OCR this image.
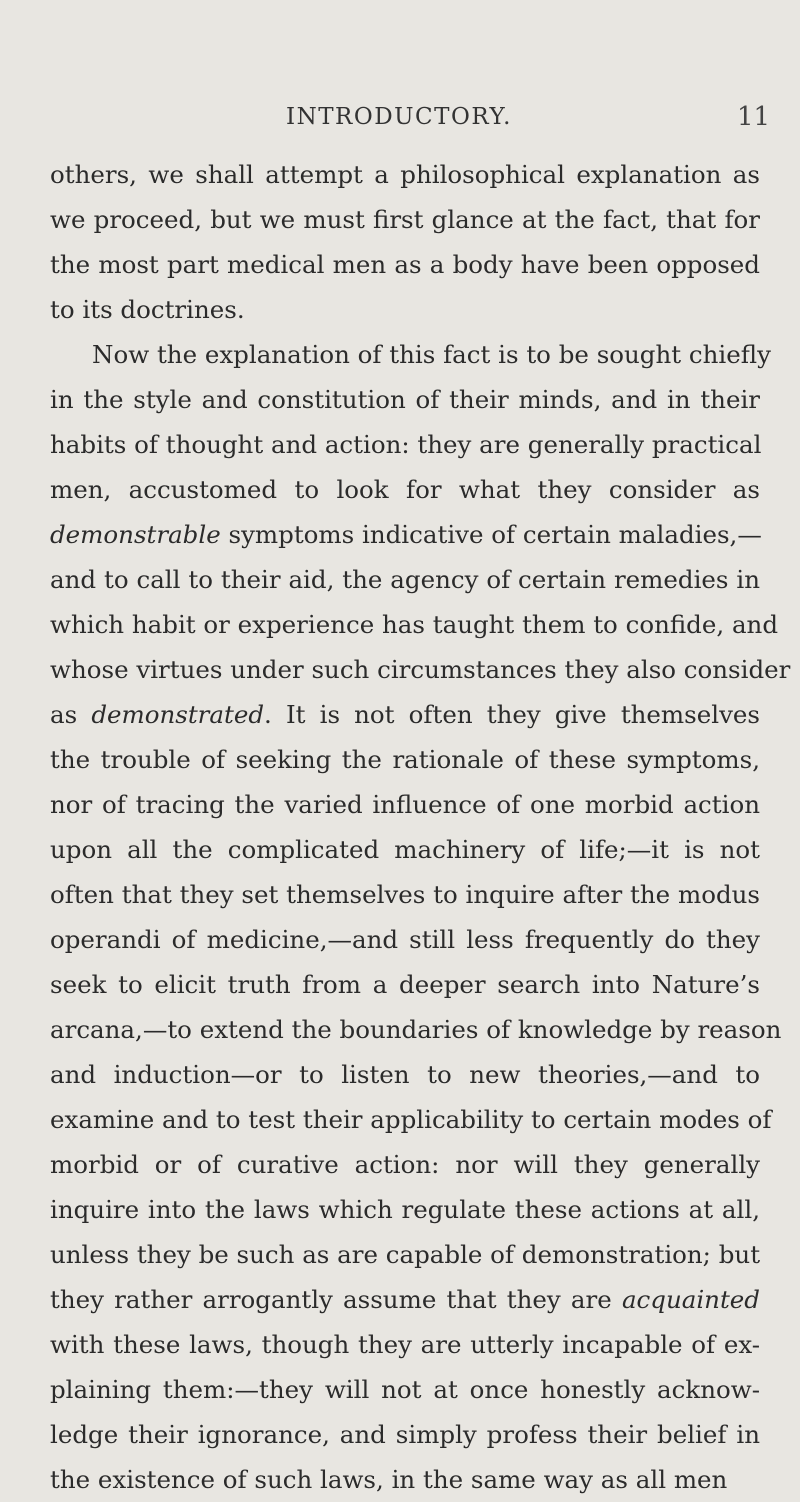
INTRODUCTORY.	11
others, we shall attempt a philosophical explanation as
we proceed, but we must first glance at the fact, that for
the most part medical men as a body have been opposed
to its doctrines.
Now the explanation of this fact is to be sought chiefly
in the style and constitution of their minds, and in their
habits of thought and action: they are generally practical
men, accustomed to look for what they consider as
demonstrable symptoms indicative of certain maladies,—
and to call to their aid, the agency of certain remedies in
which habit or experience has taught them to confide, and
whose virtues under such circumstances they also consider
as demonstrated. It is not often they give themselves
the trouble of seeking the rationale of these symptoms,
nor of tracing the varied influence of one morbid action
upon all the complicated machinery of life;—it is not
often that they set themselves to inquire after the modus
operandi of medicine,—and still less frequently do they
seek to elicit truth from a deeper search into Nature’s
arcana,—to extend the boundaries of knowledge by reason
and induction—or to listen to new theories,—and to
examine and to test their applicability to certain modes of
morbid or of curative action: nor will they generally
inquire into the laws which regulate these actions at all,
unless they be such as are capable of demonstration; but
they rather arrogantly assume that they are acquainted
with these laws, though they are utterly incapable of ex-
plaining them:—they will not at once honestly acknow-
ledge their ignorance, and simply profess their belief in
the existence of such laws, in the same way as all men
